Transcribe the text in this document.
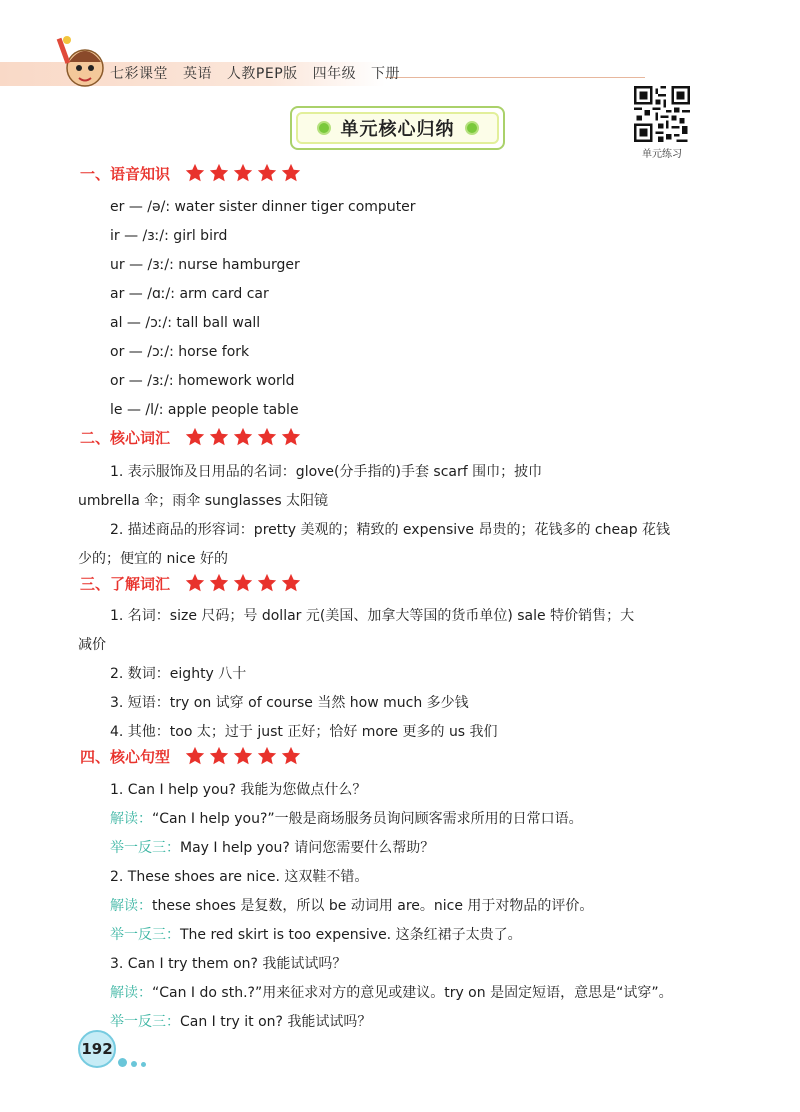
七彩课堂 英语 人教PEP版 四年级 下册
单元核心归纳
单元练习
一、语音知识
er — /ə/: water sister dinner tiger computer
ir — /ɜː/: girl bird
ur — /ɜː/: nurse hamburger
ar — /ɑː/: arm card car
al — /ɔː/: tall ball wall
or — /ɔː/: horse fork
or — /ɜː/: homework world
le — /l/: apple people table
二、核心词汇
1. 表示服饰及日用品的名词：glove(分手指的)手套 scarf 围巾；披巾
umbrella 伞；雨伞 sunglasses 太阳镜
2. 描述商品的形容词：pretty 美观的；精致的 expensive 昂贵的；花钱多的 cheap 花钱
少的；便宜的 nice 好的
三、了解词汇
1. 名词：size 尺码；号 dollar 元(美国、加拿大等国的货币单位) sale 特价销售；大
减价
2. 数词：eighty 八十
3. 短语：try on 试穿 of course 当然 how much 多少钱
4. 其他：too 太；过于 just 正好；恰好 more 更多的 us 我们
四、核心句型
1. Can I help you? 我能为您做点什么？
解读：“Can I help you?”一般是商场服务员询问顾客需求所用的日常口语。
举一反三：May I help you? 请问您需要什么帮助？
2. These shoes are nice. 这双鞋不错。
解读：these shoes 是复数，所以 be 动词用 are。nice 用于对物品的评价。
举一反三：The red skirt is too expensive. 这条红裙子太贵了。
3. Can I try them on? 我能试试吗？
解读：“Can I do sth.?”用来征求对方的意见或建议。try on 是固定短语，意思是“试穿”。
举一反三：Can I try it on? 我能试试吗？
192
